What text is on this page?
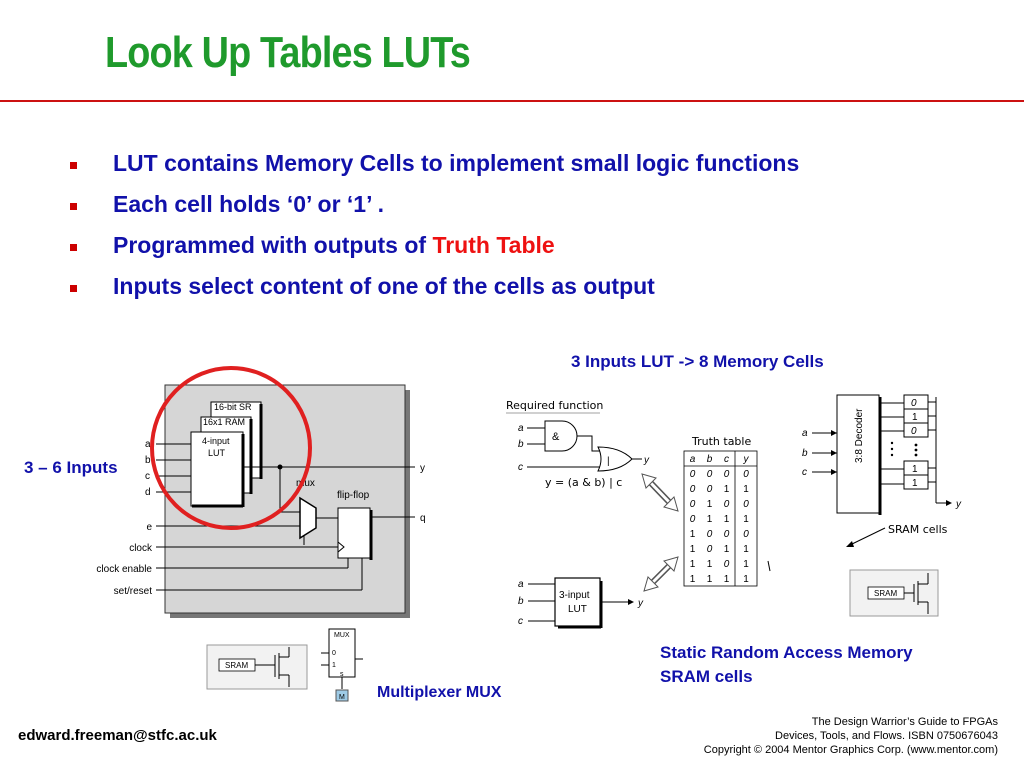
Look Up Tables LUTs
LUT contains Memory Cells to implement small logic functions
Each cell holds ‘0’ or ‘1’ .
Programmed with outputs of Truth Table
Inputs select content of one of the cells as output
3 Inputs LUT -> 8 Memory Cells
3 – 6 Inputs
Multiplexer MUX
Static Random Access Memory
SRAM cells
16-bit SR
16x1 RAM
4-input
LUT
a
b
c
d
y
mux
flip-flop
q
e
clock
clock enable
set/reset
SRAM
MUX
0
1
s
M
Required function
a
b
c
&
|	y
y = (a & b) | c
Truth table
a b c y
0 0 0 0
0 0 1 1
0 1 0 0
0 1 1 1
1 0 0 0
1 0 1 1
1 1 0 1
1 1 1 1
a
b
c
3-input
LUT
y
3:8 Decoder
a
b
c
0
1
0
1
1
y
SRAM cells
SRAM
edward.freeman@stfc.ac.uk
The Design Warrior’s Guide to FPGAs
Devices, Tools, and Flows. ISBN 0750676043
Copyright © 2004 Mentor Graphics Corp. (www.mentor.com)
